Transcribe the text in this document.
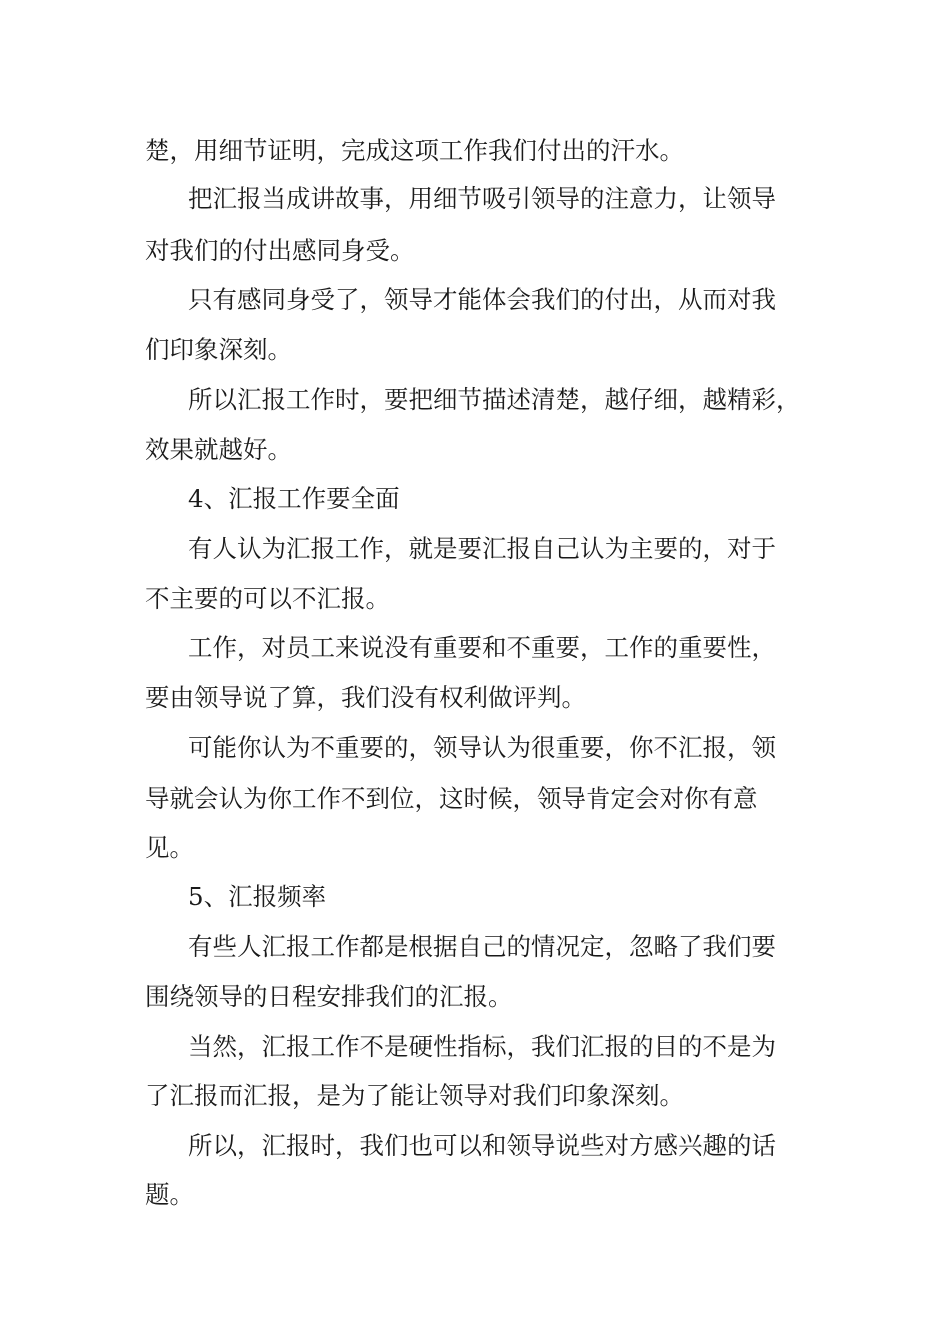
楚，用细节证明，完成这项工作我们付出的汗水。
把汇报当成讲故事，用细节吸引领导的注意力，让领导
对我们的付出感同身受。
只有感同身受了，领导才能体会我们的付出，从而对我
们印象深刻。
所以汇报工作时，要把细节描述清楚，越仔细，越精彩，
效果就越好。
4、汇报工作要全面
有人认为汇报工作，就是要汇报自己认为主要的，对于
不主要的可以不汇报。
工作，对员工来说没有重要和不重要，工作的重要性，
要由领导说了算，我们没有权利做评判。
可能你认为不重要的，领导认为很重要，你不汇报，领
导就会认为你工作不到位，这时候，领导肯定会对你有意
见。
5、汇报频率
有些人汇报工作都是根据自己的情况定，忽略了我们要
围绕领导的日程安排我们的汇报。
当然，汇报工作不是硬性指标，我们汇报的目的不是为
了汇报而汇报，是为了能让领导对我们印象深刻。
所以，汇报时，我们也可以和领导说些对方感兴趣的话
题。
